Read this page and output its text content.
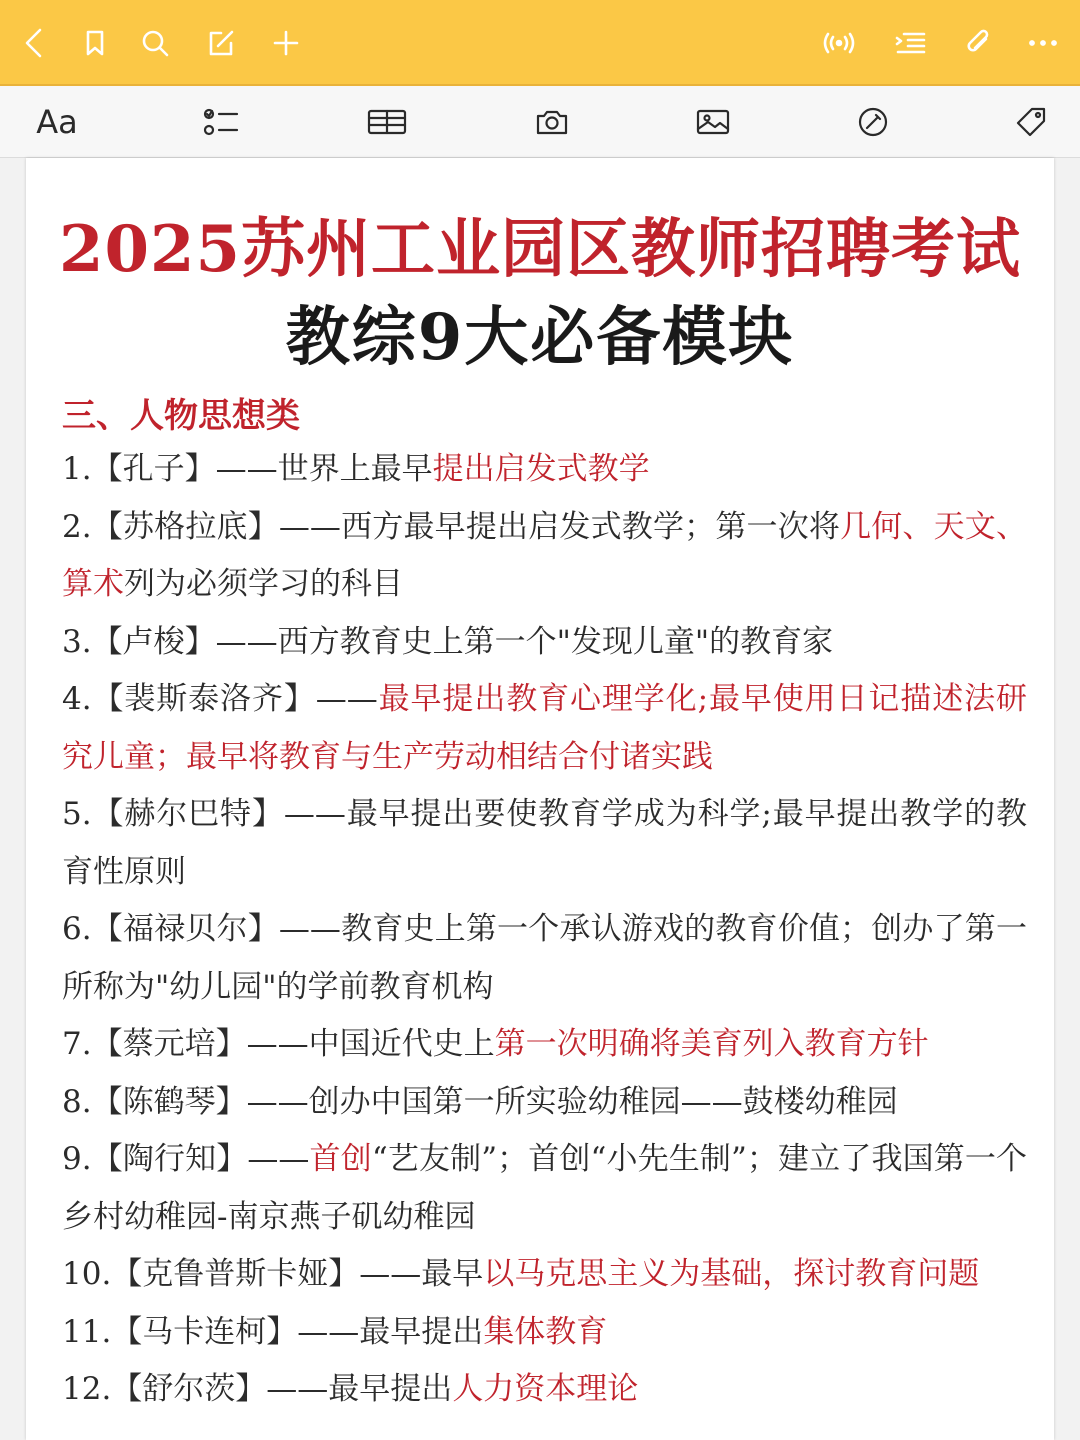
Aa
2025苏州工业园区教师招聘考试
教综9大必备模块
三、人物思想类

1.【孔子】——世界上最早提出启发式教学

2.【苏格拉底】——西方最早提出启发式教学；第一次将几何、天文、算术列为必须学习的科目

3.【卢梭】——西方教育史上第一个"发现儿童"的教育家

4.【裴斯泰洛齐】——最早提出教育心理学化;最早使用日记描述法研究儿童；最早将教育与生产劳动相结合付诸实践

5.【赫尔巴特】——最早提出要使教育学成为科学;最早提出教学的教育性原则

6.【福禄贝尔】——教育史上第一个承认游戏的教育价值；创办了第一所称为"幼儿园"的学前教育机构

7.【蔡元培】——中国近代史上第一次明确将美育列入教育方针

8.【陈鹤琴】——创办中国第一所实验幼稚园——鼓楼幼稚园

9.【陶行知】——首创“艺友制”；首创“小先生制”；建立了我国第一个乡村幼稚园-南京燕子矶幼稚园

10.【克鲁普斯卡娅】——最早以马克思主义为基础，探讨教育问题

11.【马卡连柯】——最早提出集体教育

12.【舒尔茨】——最早提出人力资本理论
